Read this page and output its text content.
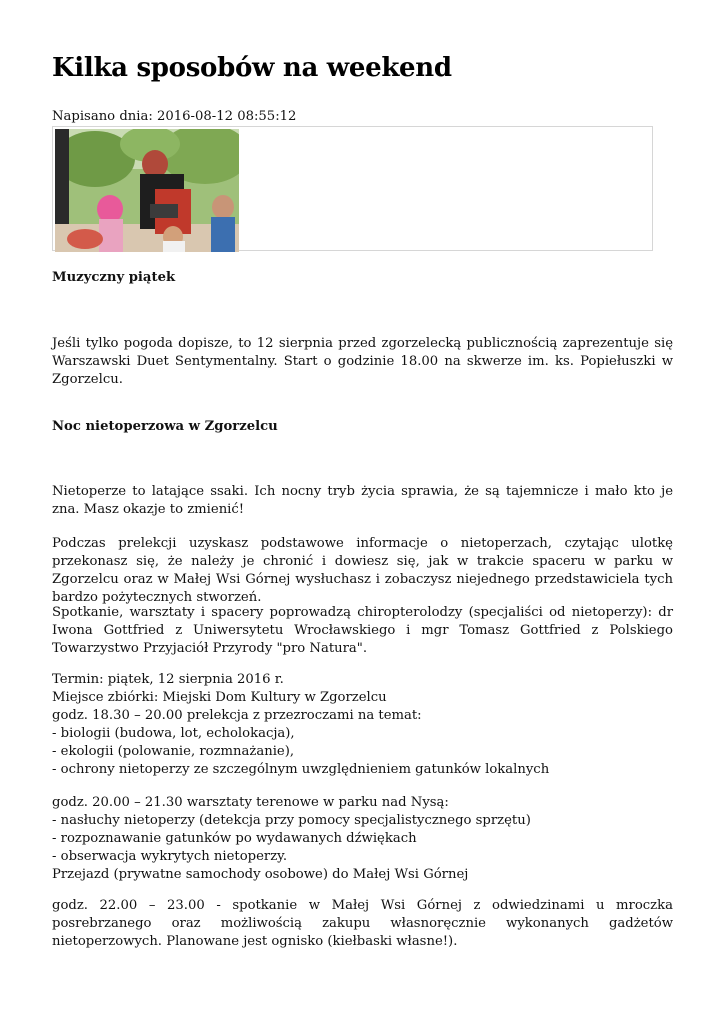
Kilka sposobów na weekend
Napisano dnia: 2016-08-12 08:55:12
Muzyczny piątek
Jeśli tylko pogoda dopisze, to 12 sierpnia przed zgorzelecką publicznością zaprezentuje się Warszawski Duet Sentymentalny. Start o godzinie 18.00 na skwerze im. ks. Popiełuszki w Zgorzelcu.
Noc nietoperzowa w Zgorzelcu
Nietoperze to latające ssaki. Ich nocny tryb życia sprawia, że są tajemnicze i mało kto je zna. Masz okazje to zmienić!
Podczas prelekcji uzyskasz podstawowe informacje o nietoperzach, czytając ulotkę przekonasz się, że należy je chronić i dowiesz się, jak w trakcie spaceru w parku w Zgorzelcu oraz w Małej Wsi Górnej wysłuchasz i zobaczysz niejednego przedstawiciela tych bardzo pożytecznych stworzeń.
Spotkanie, warsztaty i spacery poprowadzą chiropterolodzy (specjaliści od nietoperzy): dr Iwona Gottfried z Uniwersytetu Wrocławskiego i mgr Tomasz Gottfried z Polskiego Towarzystwo Przyjaciół Przyrody "pro Natura".
Termin: piątek, 12 sierpnia 2016 r.
Miejsce zbiórki: Miejski Dom Kultury w Zgorzelcu
godz. 18.30 – 20.00 prelekcja z przezroczami na temat:
- biologii (budowa, lot, echolokacja),
- ekologii (polowanie, rozmnażanie),
- ochrony nietoperzy ze szczególnym uwzględnieniem gatunków lokalnych
godz. 20.00 – 21.30 warsztaty terenowe w parku nad Nysą:
- nasłuchy nietoperzy (detekcja przy pomocy specjalistycznego sprzętu)
- rozpoznawanie gatunków po wydawanych dźwiękach
- obserwacja wykrytych nietoperzy.
Przejazd (prywatne samochody osobowe) do Małej Wsi Górnej
godz. 22.00 – 23.00 - spotkanie w Małej Wsi Górnej z odwiedzinami u mroczka posrebrzanego oraz możliwością zakupu własnoręcznie wykonanych gadżetów nietoperzowych. Planowane jest ognisko (kiełbaski własne!).
